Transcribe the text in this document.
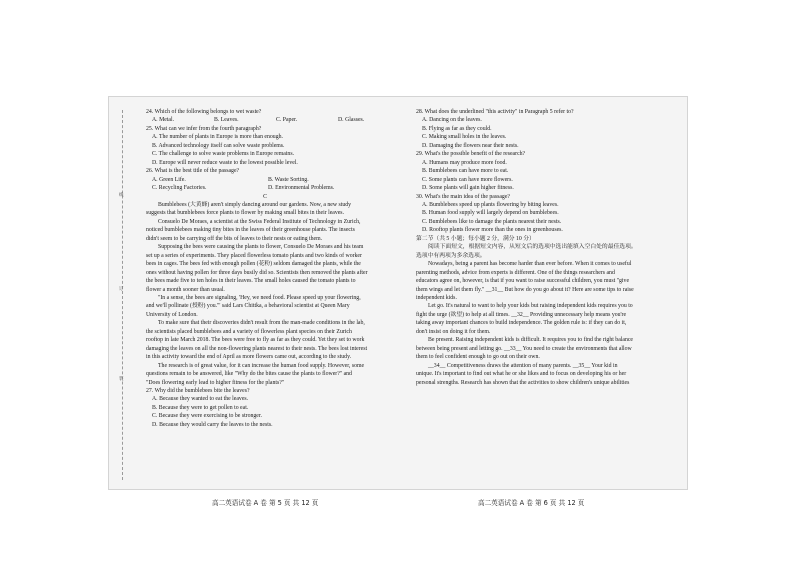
线
订
装

24. Which of the following belongs to wet waste?

A. Metal.	B. Leaves.	C. Paper.	D. Glasses.

25. What can we infer from the fourth paragraph?

A. The number of plants in Europe is more than enough.

B. Advanced technology itself can solve waste problems.

C. The challenge to solve waste problems in Europe remains.

D. Europe will never reduce waste to the lowest possible level.

26. What is the best title of the passage?

A. Green Life.	B. Waste Sorting.
C. Recycling Factories.	D. Environmental Problems.

C

Bumblebees (大黄蜂) aren't simply dancing around our gardens. Now, a new study

suggests that bumblebees force plants to flower by making small bites in their leaves.

Consuelo De Moraes, a scientist at the Swiss Federal Institute of Technology in Zurich,

noticed bumblebees making tiny bites in the leaves of their greenhouse plants. The insects

didn't seem to be carrying off the bits of leaves to their nests or eating them.

Supposing the bees were causing the plants to flower, Consuelo De Moraes and his team

set up a series of experiments. They placed flowerless tomato plants and two kinds of worker

bees in cages. The bees fed with enough pollen (花粉) seldom damaged the plants, while the

ones without having pollen for three days busily did so. Scientists then removed the plants after

the bees made five to ten holes in their leaves. The small holes caused the tomato plants to

flower a month sooner than usual.

"In a sense, the bees are signaling, 'Hey, we need food. Please speed up your flowering,

and we'll pollinate (授粉) you.'" said Lars Chittka, a behavioral scientist at Queen Mary

University of London.

To make sure that their discoveries didn't result from the man-made conditions in the lab,

the scientists placed bumblebees and a variety of flowerless plant species on their Zurich

rooftop in late March 2018. The bees were free to fly as far as they could. Yet they set to work

damaging the leaves on all the non-flowering plants nearest to their nests. The bees lost interest

in this activity toward the end of April as more flowers came out, according to the study.

The research is of great value, for it can increase the human food supply. However, some

questions remain to be answered, like "Why do the bites cause the plants to flower?" and

"Does flowering early lead to higher fitness for the plants?"

27. Why did the bumblebees bite the leaves?

A. Because they wanted to eat the leaves.

B. Because they were to get pollen to eat.

C. Because they were exercising to be stronger.

D. Because they would carry the leaves to the nests.

28. What does the underlined "this activity" in Paragraph 5 refer to?

A. Dancing on the leaves.

B. Flying as far as they could.

C. Making small holes in the leaves.

D. Damaging the flowers near their nests.

29. What's the possible benefit of the research?

A. Humans may produce more food.

B. Bumblebees can have more to eat.

C. Some plants can have more flowers.

D. Some plants will gain higher fitness.

30. What's the main idea of the passage?

A. Bumblebees speed up plants flowering by biting leaves.

B. Human food supply will largely depend on bumblebees.

C. Bumblebees like to damage the plants nearest their nests.

D. Rooftop plants flower more than the ones in greenhouses.

第二节（共 5 小题；每小题 2 分，满分 10 分）

阅读下面短文，根据短文内容，从短文后的选项中选出能填入空白处的最佳选项。

选项中有两项为多余选项。

Nowadays, being a parent has become harder than ever before. When it comes to useful

parenting methods, advice from experts is different. One of the things researchers and

educators agree on, however, is that if you want to raise successful children, you must "give

them wings and let them fly." __31__ But how do you go about it? Here are some tips to raise

independent kids.

Let go. It's natural to want to help your kids but raising independent kids requires you to

fight the urge (欲望) to help at all times. __32__ Providing unnecessary help means you're

taking away important chances to build independence. The golden rule is: if they can do it,

don't insist on doing it for them.

Be present. Raising independent kids is difficult. It requires you to find the right balance

between being present and letting go. __33__ You need to create the environments that allow

them to feel confident enough to go out on their own.

__34__ Competitiveness draws the attention of many parents. __35__ Your kid in

unique. It's important to find out what he or she likes and to focus on developing his or her

personal strengths. Research has shown that the activities to show children's unique abilities

高二英语试卷 A 卷 第 5 页 共 12 页	高二英语试卷 A 卷 第 6 页 共 12 页
